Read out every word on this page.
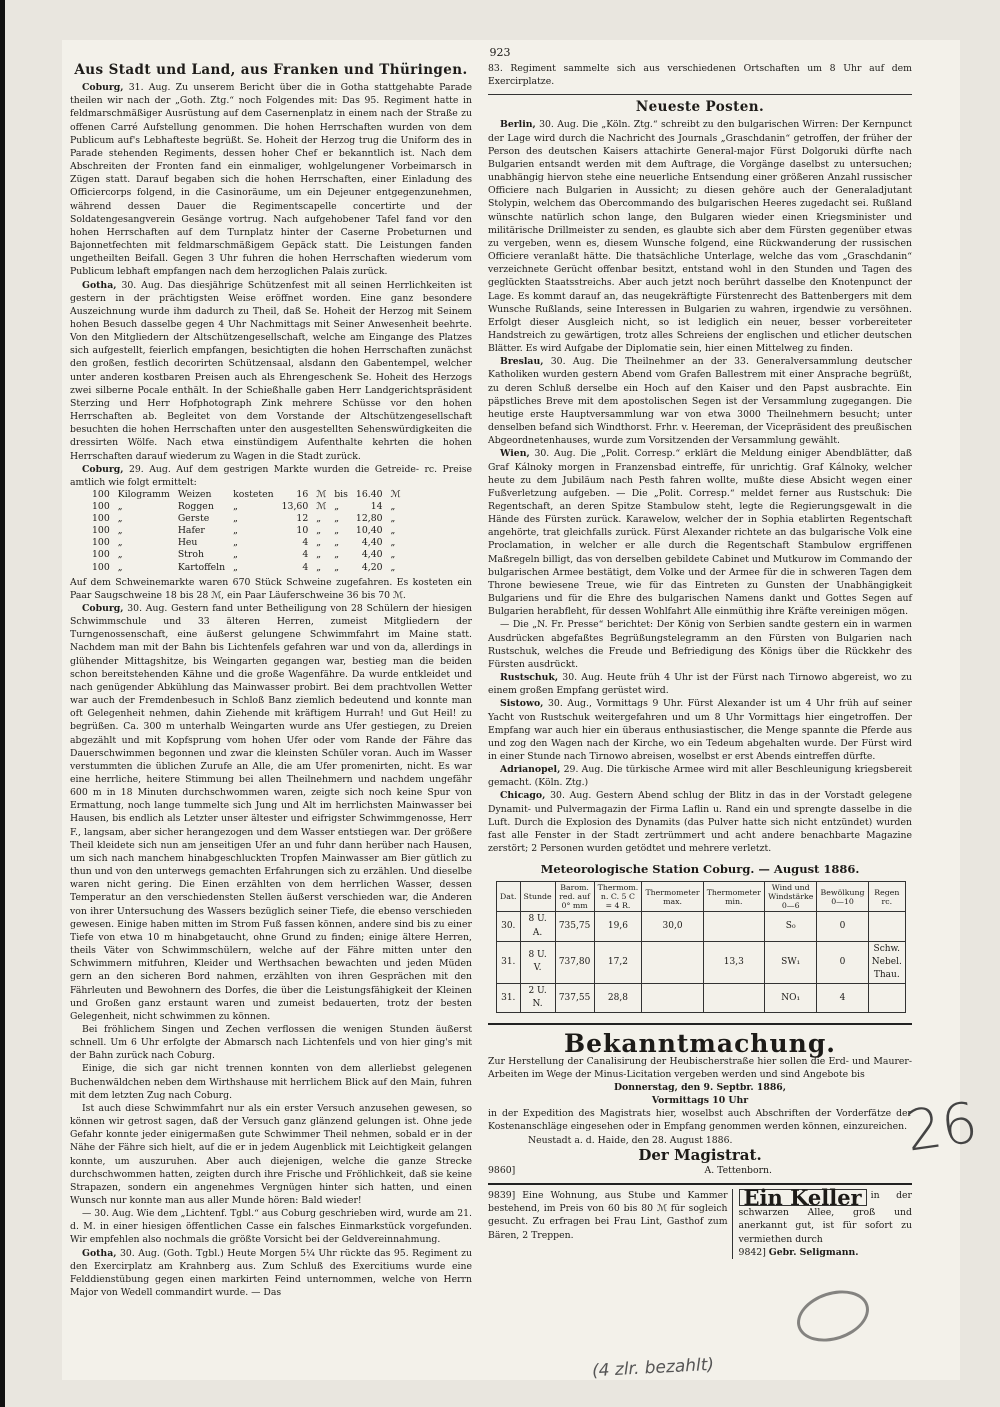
923
Aus Stadt und Land, aus Franken und Thüringen.

Coburg, 31. Aug. Zu unserem Bericht über die in Gotha stattgehabte Parade theilen wir nach der „Goth. Ztg.“ noch Folgendes mit: Das 95. Regiment hatte in feldmarschmäßiger Ausrüstung auf dem Casernenplatz in einem nach der Straße zu offenen Carré Aufstellung genommen. Die hohen Herrschaften wurden von dem Publicum auf's Lebhafteste begrüßt. Se. Hoheit der Herzog trug die Uniform des in Parade stehenden Regiments, dessen hoher Chef er bekanntlich ist. Nach dem Abschreiten der Fronten fand ein einmaliger, wohlgelungener Vorbeimarsch in Zügen statt. Darauf begaben sich die hohen Herrschaften, einer Einladung des Officiercorps folgend, in die Casinoräume, um ein Dejeuner entgegenzunehmen, während dessen Dauer die Regimentscapelle concertirte und der Soldatengesangverein Gesänge vortrug. Nach aufgehobener Tafel fand vor den hohen Herrschaften auf dem Turnplatz hinter der Caserne Probeturnen und Bajonnetfechten mit feldmarschmäßigem Gepäck statt. Die Leistungen fanden ungetheilten Beifall. Gegen 3 Uhr fuhren die hohen Herrschaften wiederum vom Publicum lebhaft empfangen nach dem herzoglichen Palais zurück.

Gotha, 30. Aug. Das diesjährige Schützenfest mit all seinen Herrlichkeiten ist gestern in der prächtigsten Weise eröffnet worden. Eine ganz besondere Auszeichnung wurde ihm dadurch zu Theil, daß Se. Hoheit der Herzog mit Seinem hohen Besuch dasselbe gegen 4 Uhr Nachmittags mit Seiner Anwesenheit beehrte. Von den Mitgliedern der Altschützengesellschaft, welche am Eingange des Platzes sich aufgestellt, feierlich empfangen, besichtigten die hohen Herrschaften zunächst den großen, festlich decorirten Schützensaal, alsdann den Gabentempel, welcher unter anderen kostbaren Preisen auch als Ehrengeschenk Se. Hoheit des Herzogs zwei silberne Pocale enthält. In der Schießhalle gaben Herr Landgerichtspräsident Sterzing und Herr Hofphotograph Zink mehrere Schüsse vor den hohen Herrschaften ab. Begleitet von dem Vorstande der Altschützengesellschaft besuchten die hohen Herrschaften unter den ausgestellten Sehenswürdigkeiten die dressirten Wölfe. Nach etwa einstündigem Aufenthalte kehrten die hohen Herrschaften darauf wiederum zu Wagen in die Stadt zurück.

Coburg, 29. Aug. Auf dem gestrigen Markte wurden die Getreide- rc. Preise amtlich wie folgt ermittelt:

100	Kilogramm	Weizen	kosteten	16	ℳ	bis	16.40	ℳ
100	„	Roggen	„	13,60	ℳ	„	14	„
100	„	Gerste	„	12	„	„	12,80	„
100	„	Hafer	„	10	„	„	10,40	„
100	„	Heu	„	4	„	„	4,40	„
100	„	Stroh	„	4	„	„	4,40	„
100	„	Kartoffeln	„	4	„	„	4,20	„

Auf dem Schweinemarkte waren 670 Stück Schweine zugefahren. Es kosteten ein Paar Saugschweine 18 bis 28 ℳ, ein Paar Läuferschweine 36 bis 70 ℳ.

Coburg, 30. Aug. Gestern fand unter Betheiligung von 28 Schülern der hiesigen Schwimmschule und 33 älteren Herren, zumeist Mitgliedern der Turngenossenschaft, eine äußerst gelungene Schwimmfahrt im Maine statt. Nachdem man mit der Bahn bis Lichtenfels gefahren war und von da, allerdings in glühender Mittagshitze, bis Weingarten gegangen war, bestieg man die beiden schon bereitstehenden Kähne und die große Wagenfähre. Da wurde entkleidet und nach genügender Abkühlung das Mainwasser probirt. Bei dem prachtvollen Wetter war auch der Fremdenbesuch in Schloß Banz ziemlich bedeutend und konnte man oft Gelegenheit nehmen, dahin Ziehende mit kräftigem Hurrah! und Gut Heil! zu begrüßen. Ca. 300 m unterhalb Weingarten wurde ans Ufer gestiegen, zu Dreien abgezählt und mit Kopfsprung vom hohen Ufer oder vom Rande der Fähre das Dauerschwimmen begonnen und zwar die kleinsten Schüler voran. Auch im Wasser verstummten die üblichen Zurufe an Alle, die am Ufer promenirten, nicht. Es war eine herrliche, heitere Stimmung bei allen Theilnehmern und nachdem ungefähr 600 m in 18 Minuten durchschwommen waren, zeigte sich noch keine Spur von Ermattung, noch lange tummelte sich Jung und Alt im herrlichsten Mainwasser bei Hausen, bis endlich als Letzter unser ältester und eifrigster Schwimmgenosse, Herr F., langsam, aber sicher herangezogen und dem Wasser entstiegen war. Der größere Theil kleidete sich nun am jenseitigen Ufer an und fuhr dann herüber nach Hausen, um sich nach manchem hinabgeschluckten Tropfen Mainwasser am Bier gütlich zu thun und von den unterwegs gemachten Erfahrungen sich zu erzählen. Und dieselbe waren nicht gering. Die Einen erzählten von dem herrlichen Wasser, dessen Temperatur an den verschiedensten Stellen äußerst verschieden war, die Anderen von ihrer Untersuchung des Wassers bezüglich seiner Tiefe, die ebenso verschieden gewesen. Einige haben mitten im Strom Fuß fassen können, andere sind bis zu einer Tiefe von etwa 10 m hinabgetaucht, ohne Grund zu finden; einige ältere Herren, theils Väter von Schwimmschülern, welche auf der Fähre mitten unter den Schwimmern mitfuhren, Kleider und Werthsachen bewachten und jeden Müden gern an den sicheren Bord nahmen, erzählten von ihren Gesprächen mit den Fährleuten und Bewohnern des Dorfes, die über die Leistungsfähigkeit der Kleinen und Großen ganz erstaunt waren und zumeist bedauerten, trotz der besten Gelegenheit, nicht schwimmen zu können.

Bei fröhlichem Singen und Zechen verflossen die wenigen Stunden äußerst schnell. Um 6 Uhr erfolgte der Abmarsch nach Lichtenfels und von hier ging's mit der Bahn zurück nach Coburg.

Einige, die sich gar nicht trennen konnten von dem allerliebst gelegenen Buchenwäldchen neben dem Wirthshause mit herrlichem Blick auf den Main, fuhren mit dem letzten Zug nach Coburg.

Ist auch diese Schwimmfahrt nur als ein erster Versuch anzusehen gewesen, so können wir getrost sagen, daß der Versuch ganz glänzend gelungen ist. Ohne jede Gefahr konnte jeder einigermaßen gute Schwimmer Theil nehmen, sobald er in der Nähe der Fähre sich hielt, auf die er in jedem Augenblick mit Leichtigkeit gelangen konnte, um auszuruhen. Aber auch diejenigen, welche die ganze Strecke durchschwommen hatten, zeigten durch ihre Frische und Fröhlichkeit, daß sie keine Strapazen, sondern ein angenehmes Vergnügen hinter sich hatten, und einen Wunsch nur konnte man aus aller Munde hören: Bald wieder!

— 30. Aug. Wie dem „Lichtenf. Tgbl.“ aus Coburg geschrieben wird, wurde am 21. d. M. in einer hiesigen öffentlichen Casse ein falsches Einmarkstück vorgefunden. Wir empfehlen also nochmals die größte Vorsicht bei der Geldvereinnahmung.

Gotha, 30. Aug. (Goth. Tgbl.) Heute Morgen 5¼ Uhr rückte das 95. Regiment zu den Exercirplatz am Krahnberg aus. Zum Schluß des Exercitiums wurde eine Felddienstübung gegen einen markirten Feind unternommen, welche von Herrn Major von Wedell commandirt wurde. — Das

83. Regiment sammelte sich aus verschiedenen Ortschaften um 8 Uhr auf dem Exercirplatze.

Neueste Posten.

Berlin, 30. Aug. Die „Köln. Ztg.“ schreibt zu den bulgarischen Wirren: Der Kernpunct der Lage wird durch die Nachricht des Journals „Graschdanin“ getroffen, der früher der Person des deutschen Kaisers attachirte General-major Fürst Dolgoruki dürfte nach Bulgarien entsandt werden mit dem Auftrage, die Vorgänge daselbst zu untersuchen; unabhängig hiervon stehe eine neuerliche Entsendung einer größeren Anzahl russischer Officiere nach Bulgarien in Aussicht; zu diesen gehöre auch der Generaladjutant Stolypin, welchem das Obercommando des bulgarischen Heeres zugedacht sei. Rußland wünschte natürlich schon lange, den Bulgaren wieder einen Kriegsminister und militärische Drillmeister zu senden, es glaubte sich aber dem Fürsten gegenüber etwas zu vergeben, wenn es, diesem Wunsche folgend, eine Rückwanderung der russischen Officiere veranlaßt hätte. Die thatsächliche Unterlage, welche das vom „Graschdanin“ verzeichnete Gerücht offenbar besitzt, entstand wohl in den Stunden und Tagen des geglückten Staatsstreichs. Aber auch jetzt noch berührt dasselbe den Knotenpunct der Lage. Es kommt darauf an, das neugekräftigte Fürstenrecht des Battenbergers mit dem Wunsche Rußlands, seine Interessen in Bulgarien zu wahren, irgendwie zu versöhnen. Erfolgt dieser Ausgleich nicht, so ist lediglich ein neuer, besser vorbereiteter Handstreich zu gewärtigen, trotz alles Schreiens der englischen und etlicher deutschen Blätter. Es wird Aufgabe der Diplomatie sein, hier einen Mittelweg zu finden.

Breslau, 30. Aug. Die Theilnehmer an der 33. Generalversammlung deutscher Katholiken wurden gestern Abend vom Grafen Ballestrem mit einer Ansprache begrüßt, zu deren Schluß derselbe ein Hoch auf den Kaiser und den Papst ausbrachte. Ein päpstliches Breve mit dem apostolischen Segen ist der Versammlung zugegangen. Die heutige erste Hauptversammlung war von etwa 3000 Theilnehmern besucht; unter denselben befand sich Windthorst. Frhr. v. Heereman, der Vicepräsident des preußischen Abgeordnetenhauses, wurde zum Vorsitzenden der Versammlung gewählt.

Wien, 30. Aug. Die „Polit. Corresp.“ erklärt die Meldung einiger Abendblätter, daß Graf Kálnoky morgen in Franzensbad eintreffe, für unrichtig. Graf Kálnoky, welcher heute zu dem Jubiläum nach Pesth fahren wollte, mußte diese Absicht wegen einer Fußverletzung aufgeben. — Die „Polit. Corresp.“ meldet ferner aus Rustschuk: Die Regentschaft, an deren Spitze Stambulow steht, legte die Regierungsgewalt in die Hände des Fürsten zurück. Karawelow, welcher der in Sophia etablirten Regentschaft angehörte, trat gleichfalls zurück. Fürst Alexander richtete an das bulgarische Volk eine Proclamation, in welcher er alle durch die Regentschaft Stambulow ergriffenen Maßregeln billigt, das von derselben gebildete Cabinet und Mutkurow im Commando der bulgarischen Armee bestätigt, dem Volke und der Armee für die in schweren Tagen dem Throne bewiesene Treue, wie für das Eintreten zu Gunsten der Unabhängigkeit Bulgariens und für die Ehre des bulgarischen Namens dankt und Gottes Segen auf Bulgarien herabfleht, für dessen Wohlfahrt Alle einmüthig ihre Kräfte vereinigen mögen.

— Die „N. Fr. Presse“ berichtet: Der König von Serbien sandte gestern ein in warmen Ausdrücken abgefaßtes Begrüßungstelegramm an den Fürsten von Bulgarien nach Rustschuk, welches die Freude und Befriedigung des Königs über die Rückkehr des Fürsten ausdrückt.

Rustschuk, 30. Aug. Heute früh 4 Uhr ist der Fürst nach Tirnowo abgereist, wo zu einem großen Empfang gerüstet wird.

Sistowo, 30. Aug., Vormittags 9 Uhr. Fürst Alexander ist um 4 Uhr früh auf seiner Yacht von Rustschuk weitergefahren und um 8 Uhr Vormittags hier eingetroffen. Der Empfang war auch hier ein überaus enthusiastischer, die Menge spannte die Pferde aus und zog den Wagen nach der Kirche, wo ein Tedeum abgehalten wurde. Der Fürst wird in einer Stunde nach Tirnowo abreisen, woselbst er erst Abends eintreffen dürfte.

Adrianopel, 29. Aug. Die türkische Armee wird mit aller Beschleunigung kriegsbereit gemacht. (Köln. Ztg.)

Chicago, 30. Aug. Gestern Abend schlug der Blitz in das in der Vorstadt gelegene Dynamit- und Pulvermagazin der Firma Laflin u. Rand ein und sprengte dasselbe in die Luft. Durch die Explosion des Dynamits (das Pulver hatte sich nicht entzündet) wurden fast alle Fenster in der Stadt zertrümmert und acht andere benachbarte Magazine zerstört; 2 Personen wurden getödtet und mehrere verletzt.

Meteorologische Station Coburg. — August 1886.
Dat.	Stunde	Barom. red. auf 0° mm	Thermom. n. C. 5 C = 4 R.	Thermometer max.	Thermometer min.	Wind und Windstärke 0—6	Bewölkung 0—10	Regen rc.
30.	8 U. A.	735,75	19,6	30,0		S₀	0	
31.	8 U. V.	737,80	17,2		13,3	SW₁	0	Schw. Nebel. Thau.
31.	2 U. N.	737,55	28,8			NO₁	4	
Bekanntmachung.

Zur Herstellung der Canalisirung der Heubischerstraße hier sollen die Erd- und Maurer-Arbeiten im Wege der Minus-Licitation vergeben werden und sind Angebote bis

Donnerstag, den 9. Septbr. 1886,
Vormittags 10 Uhr

in der Expedition des Magistrats hier, woselbst auch Abschriften der Vorderfätze der Kostenanschläge eingesehen oder in Empfang genommen werden können, einzureichen.

Neustadt a. d. Haide, den 28. August 1886.

Der Magistrat.
9860]	A. Tettenborn.
9839] Eine Wohnung, aus Stube und Kammer bestehend, im Preis von 60 bis 80 ℳ für sogleich gesucht. Zu erfragen bei Frau Lint, Gasthof zum Bären, 2 Treppen.
Ein Keller in der schwarzen Allee, groß und anerkannt gut, ist für sofort zu vermiethen durch
9842] Gebr. Seligmann.
26
(4 zlr. bezahlt)
